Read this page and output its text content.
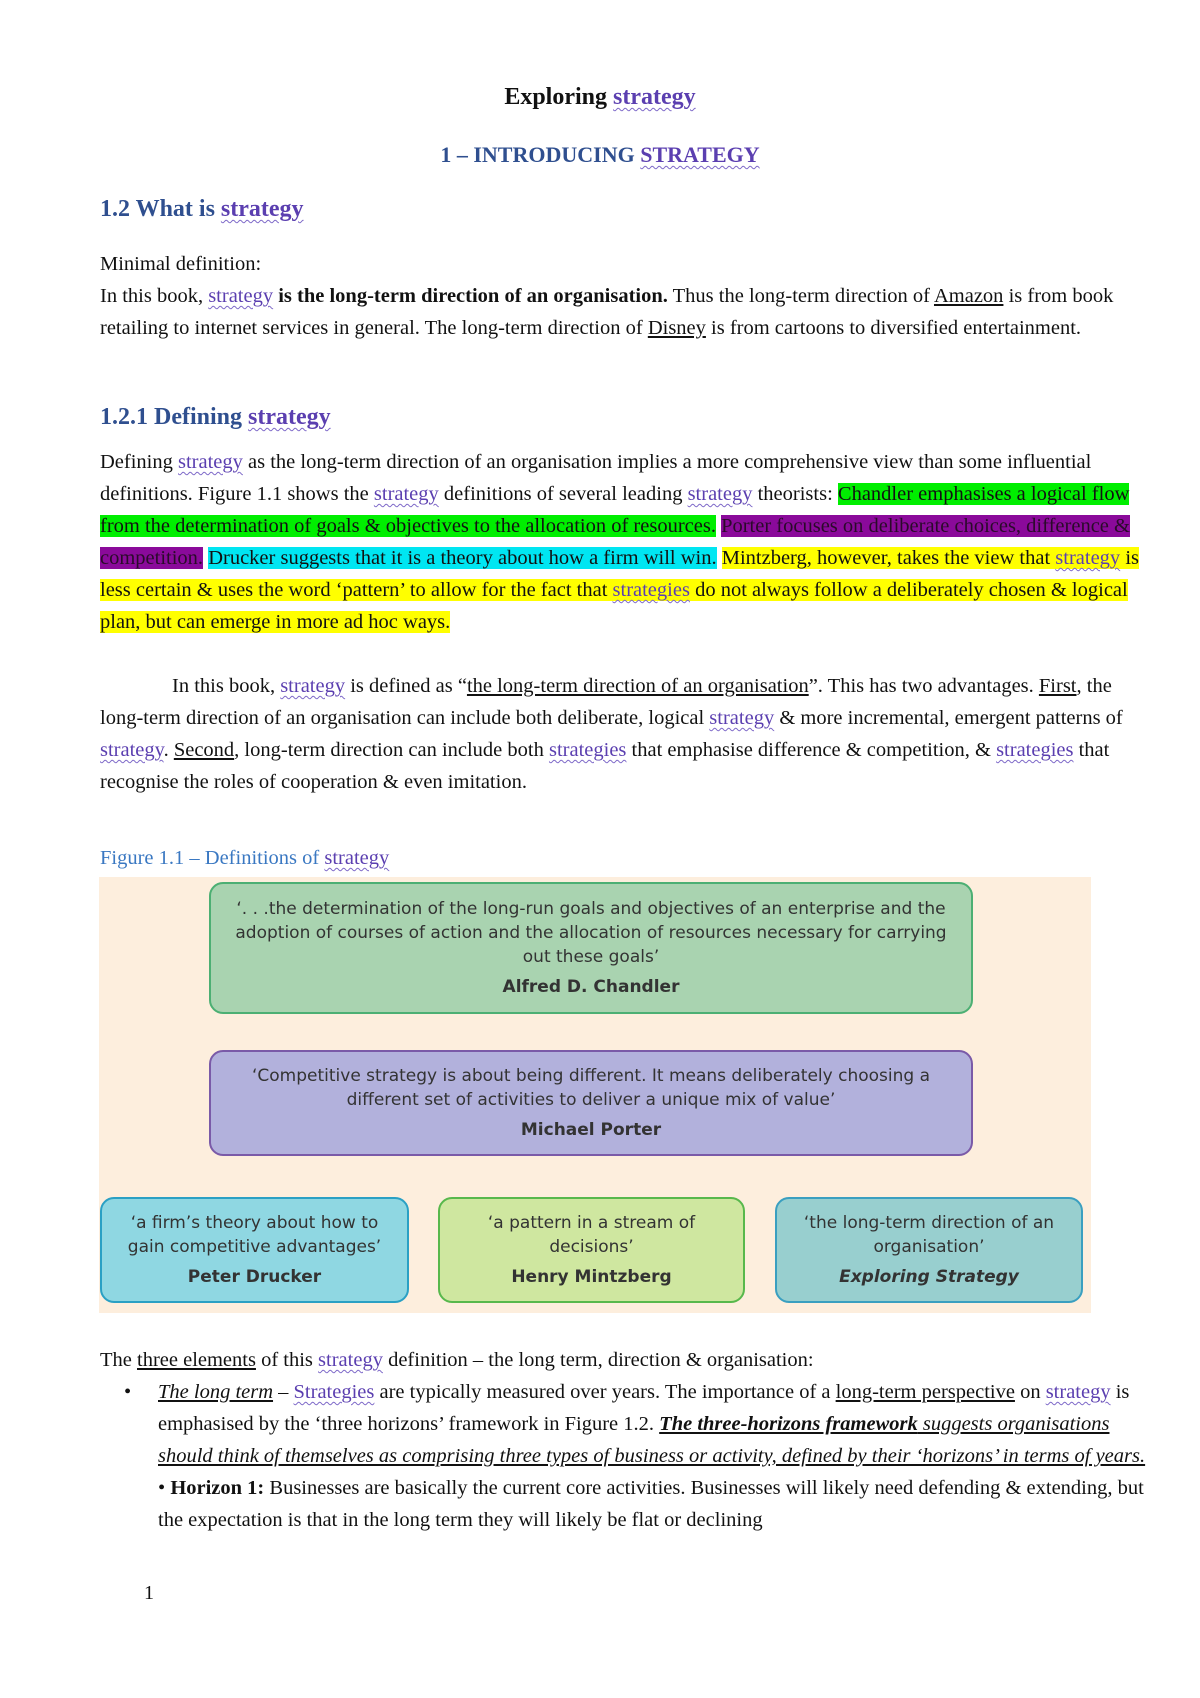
Exploring strategy

1 – INTRODUCING STRATEGY

1.2 What is strategy

Minimal definition:
In this book, strategy is the long-term direction of an organisation. Thus the long-term direction of Amazon is from book retailing to internet services in general. The long-term direction of Disney is from cartoons to diversified entertainment.

1.2.1 Defining strategy

Defining strategy as the long-term direction of an organisation implies a more comprehensive view than some influential definitions. Figure 1.1 shows the strategy definitions of several leading strategy theorists: Chandler emphasises a logical flow from the determination of goals & objectives to the allocation of resources. Porter focuses on deliberate choices, difference & competition. Drucker suggests that it is a theory about how a firm will win. Mintzberg, however, takes the view that strategy is less certain & uses the word ‘pattern’ to allow for the fact that strategies do not always follow a deliberately chosen & logical plan, but can emerge in more ad hoc ways.

In this book, strategy is defined as “the long-term direction of an organisation”. This has two advantages. First, the long-term direction of an organisation can include both deliberate, logical strategy & more incremental, emergent patterns of strategy. Second, long-term direction can include both strategies that emphasise difference & competition, & strategies that recognise the roles of cooperation & even imitation.

Figure 1.1 – Definitions of strategy

‘. . .the determination of the long-run goals and objectives of an enterprise and the adoption of courses of action and the allocation of resources necessary for carrying out these goals’
Alfred D. Chandler
‘Competitive strategy is about being different. It means deliberately choosing a different set of activities to deliver a unique mix of value’
Michael Porter
‘a firm’s theory about how to gain competitive advantages’
Peter Drucker
‘a pattern in a stream of decisions’
Henry Mintzberg
‘the long-term direction of an organisation’
Exploring Strategy

The three elements of this strategy definition – the long term, direction & organisation:

• The long term – Strategies are typically measured over years. The importance of a long-term perspective on strategy is emphasised by the ‘three horizons’ framework in Figure 1.2. The three-horizons framework suggests organisations should think of themselves as comprising three types of business or activity, defined by their ‘horizons’ in terms of years.
• Horizon 1: Businesses are basically the current core activities. Businesses will likely need defending & extending, but the expectation is that in the long term they will likely be flat or declining
1
